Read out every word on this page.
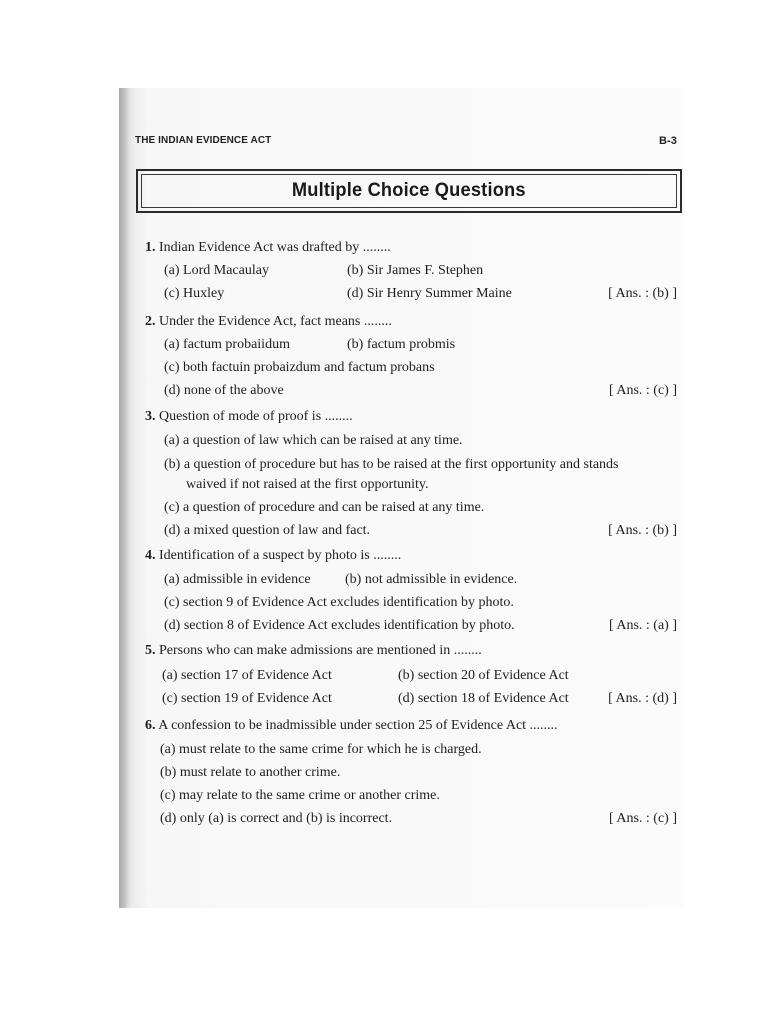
THE INDIAN EVIDENCE ACT	B-3
Multiple Choice Questions
1. Indian Evidence Act was drafted by ........
(a) Lord Macaulay	(b) Sir James F. Stephen
(c) Huxley	(d) Sir Henry Summer Maine	[ Ans. : (b) ]
2. Under the Evidence Act, fact means ........
(a) factum probaiidum	(b) factum probmis
(c) both factuin probaizdum and factum probans
(d) none of the above	[ Ans. : (c) ]
3. Question of mode of proof is ........
(a) a question of law which can be raised at any time.
(b) a question of procedure but has to be raised at the first opportunity and stands
waived if not raised at the first opportunity.
(c) a question of procedure and can be raised at any time.
(d) a mixed question of law and fact.	[ Ans. : (b) ]
4. Identification of a suspect by photo is ........
(a) admissible in evidence (b) not admissible in evidence.
(c) section 9 of Evidence Act excludes identification by photo.
(d) section 8 of Evidence Act excludes identification by photo.	[ Ans. : (a) ]
5. Persons who can make admissions are mentioned in ........
(a) section 17 of Evidence Act	(b) section 20 of Evidence Act
(c) section 19 of Evidence Act	(d) section 18 of Evidence Act	[ Ans. : (d) ]
6. A confession to be inadmissible under section 25 of Evidence Act ........
(a) must relate to the same crime for which he is charged.
(b) must relate to another crime.
(c) may relate to the same crime or another crime.
(d) only (a) is correct and (b) is incorrect.	[ Ans. : (c) ]
